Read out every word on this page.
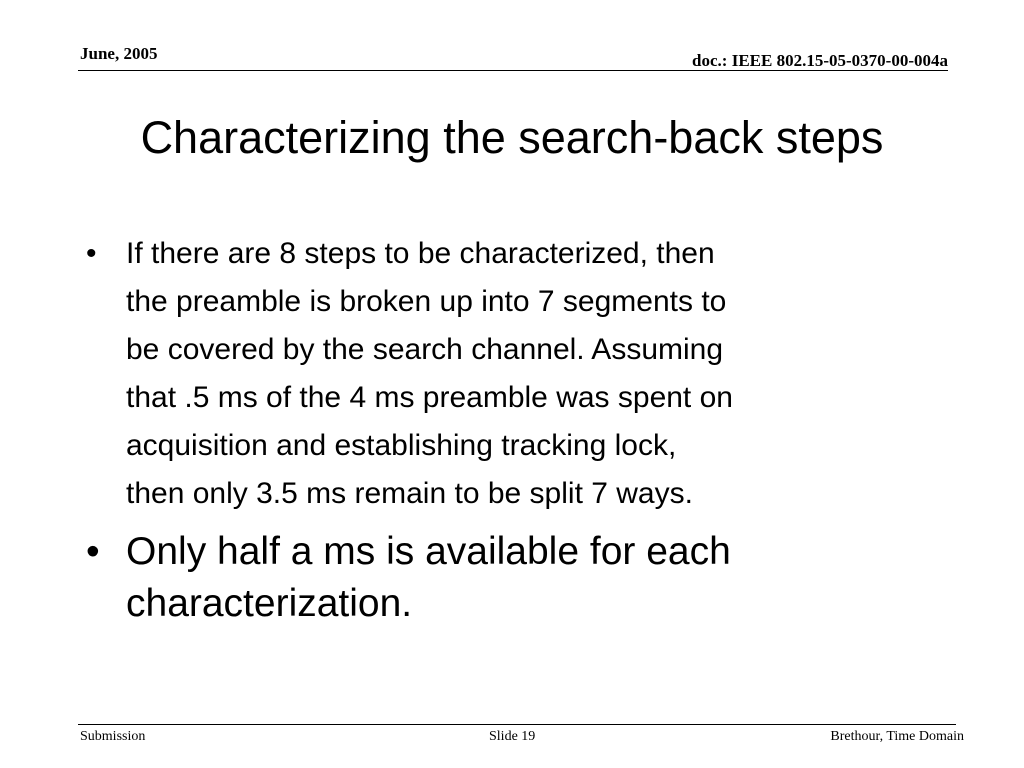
June, 2005	doc.: IEEE 802.15-05-0370-00-004a
Characterizing the search-back steps
• If there are 8 steps to be characterized, then
the preamble is broken up into 7 segments to
be covered by the search channel. Assuming
that .5 ms of the 4 ms preamble was spent on
acquisition and establishing tracking lock,
then only 3.5 ms remain to be split 7 ways.
• Only half a ms is available for each
characterization.
Submission	Slide 19	Brethour, Time Domain
